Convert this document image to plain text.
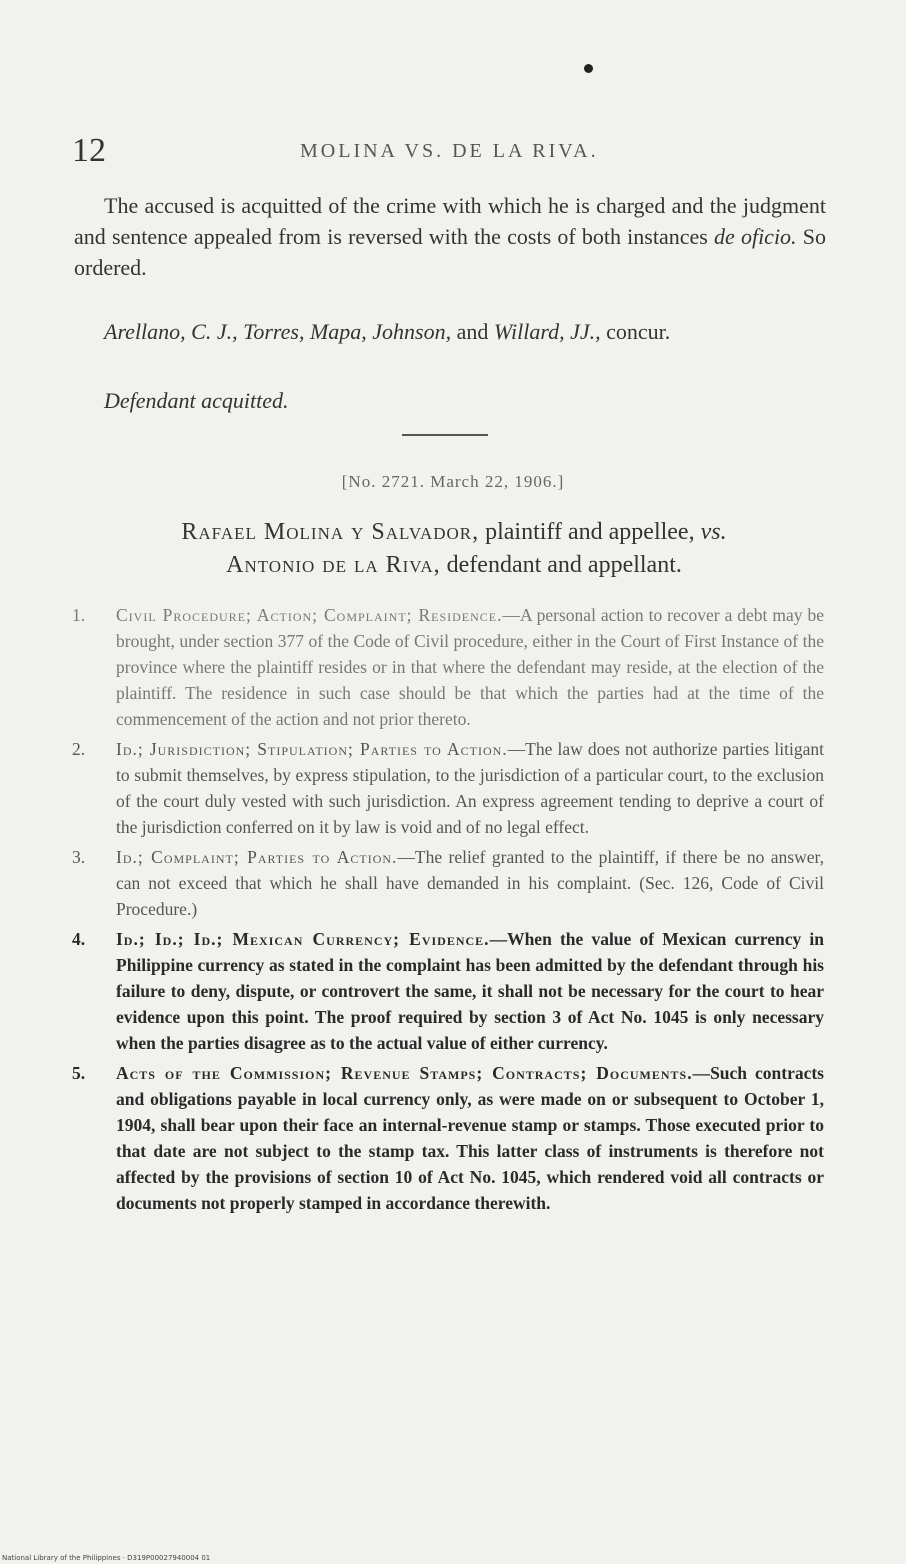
12	MOLINA VS. DE LA RIVA.
The accused is acquitted of the crime with which he is charged and the judgment and sentence appealed from is reversed with the costs of both instances de oficio. So ordered.
Arellano, C. J., Torres, Mapa, Johnson, and Willard, JJ., concur.
Defendant acquitted.
[No. 2721. March 22, 1906.]
Rafael Molina y Salvador, plaintiff and appellee, vs.
Antonio de la Riva, defendant and appellant.
1.	Civil Procedure; Action; Complaint; Residence.—A personal action to recover a debt may be brought, under section 377 of the Code of Civil procedure, either in the Court of First Instance of the province where the plaintiff resides or in that where the defendant may reside, at the election of the plaintiff. The residence in such case should be that which the parties had at the time of the commencement of the action and not prior thereto.
2.	Id.; Jurisdiction; Stipulation; Parties to Action.—The law does not authorize parties litigant to submit themselves, by express stipulation, to the jurisdiction of a particular court, to the exclusion of the court duly vested with such jurisdiction. An express agreement tending to deprive a court of the jurisdiction conferred on it by law is void and of no legal effect.
3.	Id.; Complaint; Parties to Action.—The relief granted to the plaintiff, if there be no answer, can not exceed that which he shall have demanded in his complaint. (Sec. 126, Code of Civil Procedure.)
4.	Id.; Id.; Id.; Mexican Currency; Evidence.—When the value of Mexican currency in Philippine currency as stated in the complaint has been admitted by the defendant through his failure to deny, dispute, or controvert the same, it shall not be necessary for the court to hear evidence upon this point. The proof required by section 3 of Act No. 1045 is only necessary when the parties disagree as to the actual value of either currency.
5.	Acts of the Commission; Revenue Stamps; Contracts; Documents.—Such contracts and obligations payable in local currency only, as were made on or subsequent to October 1, 1904, shall bear upon their face an internal-revenue stamp or stamps. Those executed prior to that date are not subject to the stamp tax. This latter class of instruments is therefore not affected by the provisions of section 10 of Act No. 1045, which rendered void all contracts or documents not properly stamped in accordance therewith.
National Library of the Philippines · D319P00027940004 01
